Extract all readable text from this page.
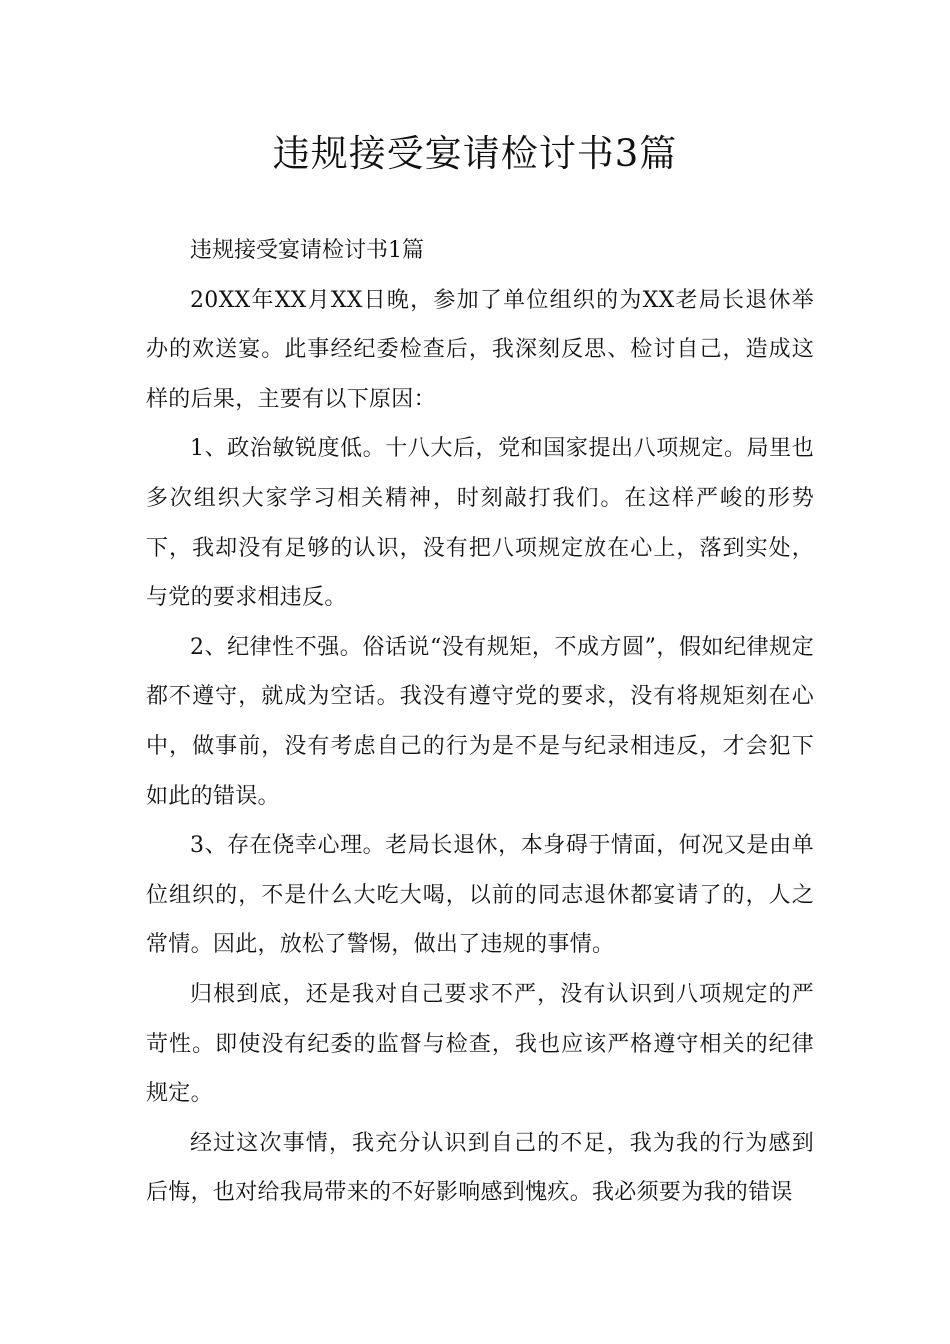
违规接受宴请检讨书3篇

违规接受宴请检讨书1篇

20XX年XX月XX日晚，参加了单位组织的为XX老局长退休举办的欢送宴。此事经纪委检查后，我深刻反思、检讨自己，造成这样的后果，主要有以下原因：

1、政治敏锐度低。十八大后，党和国家提出八项规定。局里也多次组织大家学习相关精神，时刻敲打我们。在这样严峻的形势下，我却没有足够的认识，没有把八项规定放在心上，落到实处，与党的要求相违反。

2、纪律性不强。俗话说“没有规矩，不成方圆”，假如纪律规定都不遵守，就成为空话。我没有遵守党的要求，没有将规矩刻在心中，做事前，没有考虑自己的行为是不是与纪录相违反，才会犯下如此的错误。

3、存在侥幸心理。老局长退休，本身碍于情面，何况又是由单位组织的，不是什么大吃大喝，以前的同志退休都宴请了的，人之常情。因此，放松了警惕，做出了违规的事情。

归根到底，还是我对自己要求不严，没有认识到八项规定的严苛性。即使没有纪委的监督与检查，我也应该严格遵守相关的纪律规定。

经过这次事情，我充分认识到自己的不足，我为我的行为感到后悔，也对给我局带来的不好影响感到愧疚。我必须要为我的错误
